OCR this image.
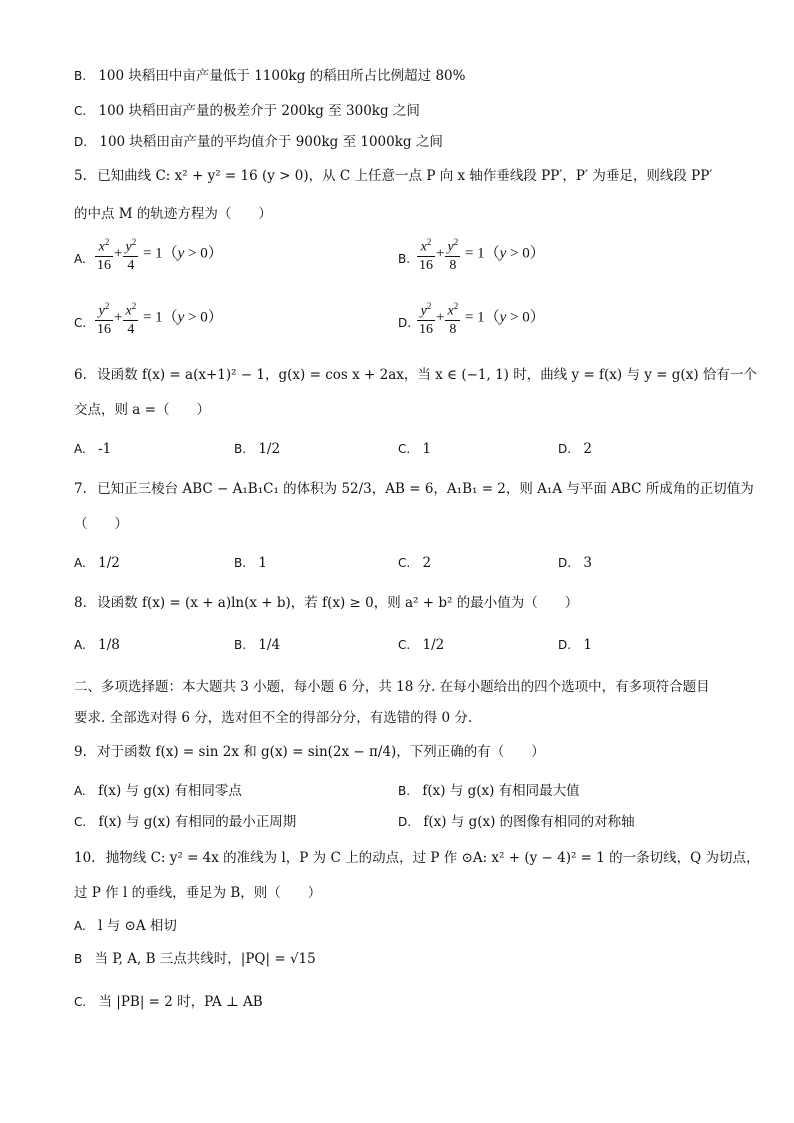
B. 100 块稻田中亩产量低于 1100kg 的稻田所占比例超过 80%
C. 100 块稻田亩产量的极差介于 200kg 至 300kg 之间
D. 100 块稻田亩产量的平均值介于 900kg 至 1000kg 之间
5. 已知曲线 C: x² + y² = 16 (y > 0)，从 C 上任意一点 P 向 x 轴作垂线段 PP′，P′ 为垂足，则线段 PP′
的中点 M 的轨迹方程为（　　）
A. $\frac{x^2}{16} + \frac{y^2}{4} = 1(y > 0)$	B. $\frac{x^2}{16} + \frac{y^2}{8} = 1(y > 0)$
C. $\frac{y^2}{16} + \frac{x^2}{4} = 1(y > 0)$	D. $\frac{y^2}{16} + \frac{x^2}{8} = 1(y > 0)$
6. 设函数 f(x) = a(x+1)² − 1，g(x) = cos x + 2ax，当 x ∈ (−1, 1) 时，曲线 y = f(x) 与 y = g(x) 恰有一个
交点，则 a =（　　）
A. -1	B. 1/2	C. 1	D. 2
7. 已知正三棱台 ABC − A₁B₁C₁ 的体积为 52/3，AB = 6，A₁B₁ = 2，则 A₁A 与平面 ABC 所成角的正切值为
（　　）
A. 1/2	B. 1	C. 2	D. 3
8. 设函数 f(x) = (x + a)ln(x + b)，若 f(x) ≥ 0，则 a² + b² 的最小值为（　　）
A. 1/8	B. 1/4	C. 1/2	D. 1
二、多项选择题：本大题共 3 小题，每小题 6 分，共 18 分. 在每小题给出的四个选项中，有多项符合题目
要求. 全部选对得 6 分，选对但不全的得部分分，有选错的得 0 分.
9. 对于函数 f(x) = sin 2x 和 g(x) = sin(2x − π/4)，下列正确的有（　　）
A. f(x) 与 g(x) 有相同零点	B. f(x) 与 g(x) 有相同最大值
C. f(x) 与 g(x) 有相同的最小正周期	D. f(x) 与 g(x) 的图像有相同的对称轴
10. 抛物线 C: y² = 4x 的准线为 l，P 为 C 上的动点，过 P 作 ⊙A: x² + (y − 4)² = 1 的一条切线，Q 为切点，
过 P 作 l 的垂线，垂足为 B，则（　　）
A. l 与 ⊙A 相切
B 当 P, A, B 三点共线时，|PQ| = √15
C. 当 |PB| = 2 时，PA ⊥ AB
